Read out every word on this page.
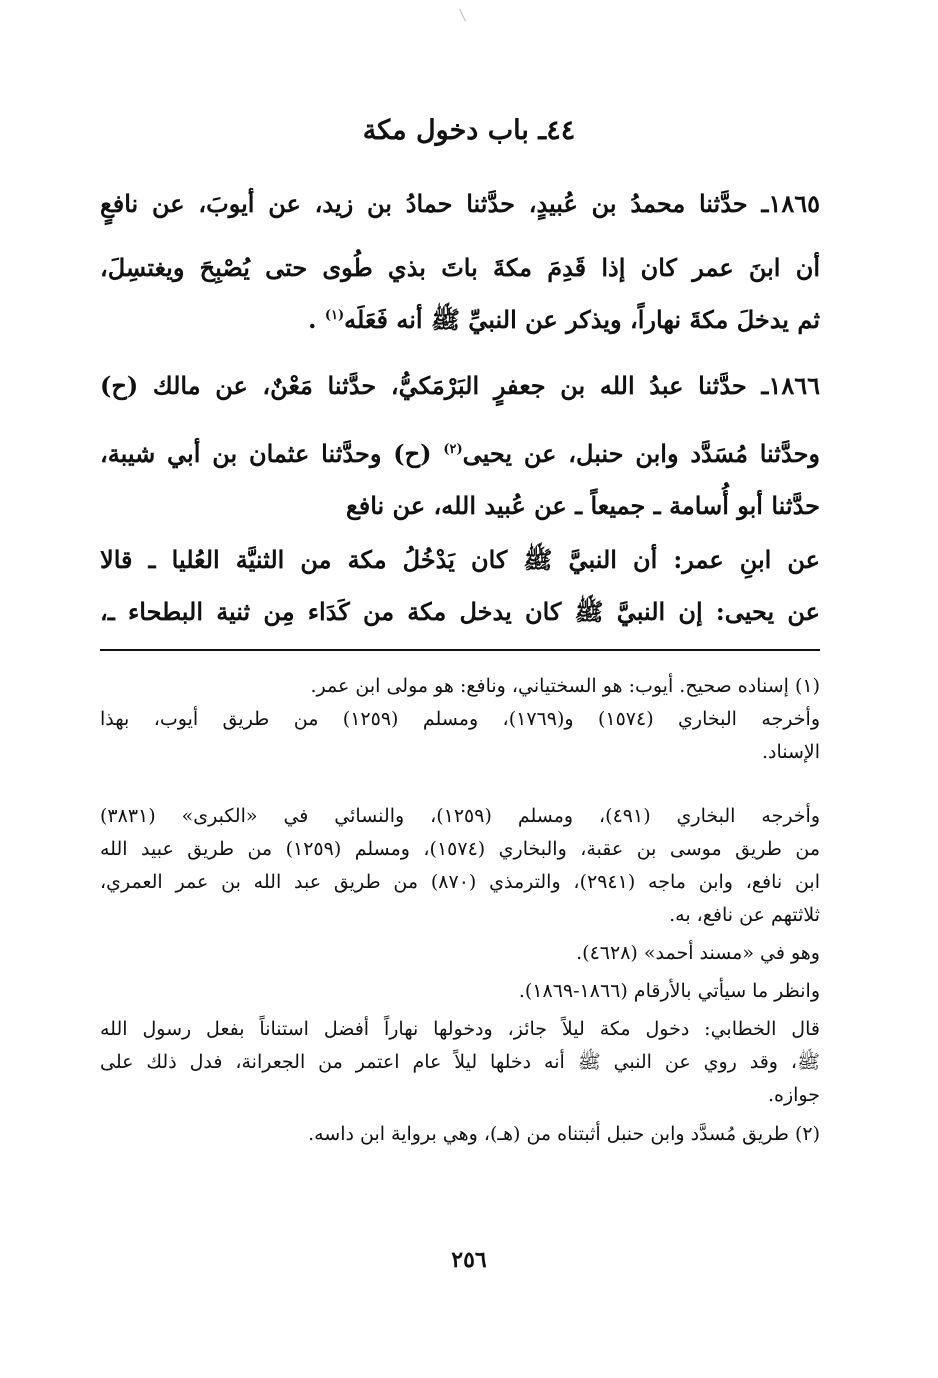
٤٤ـ باب دخول مكة
١٨٦٥ـ حدَّثنا محمدُ بن عُبيدٍ، حدَّثنا حمادُ بن زيد، عن أيوبَ، عن نافعٍ
أن ابنَ عمر كان إذا قَدِمَ مكةَ باتَ بذي طُوى حتى يُصْبِحَ ويغتسِلَ،
ثم يدخلَ مكةَ نهاراً، ويذكر عن النبيِّ ﷺ أنه فَعَلَه$^{(١)}$ .
١٨٦٦ـ حدَّثنا عبدُ الله بن جعفرٍ البَرْمَكيُّ، حدَّثنا مَعْنٌ، عن مالك (ح)
وحدَّثنا مُسَدَّد وابن حنبل، عن يحيى$^{(٢)}$ (ح) وحدَّثنا عثمان بن أبي شيبة،
حدَّثنا أبو أُسامة ـ جميعاً ـ عن عُبيد الله، عن نافع
عن ابنِ عمر: أن النبيَّ ﷺ كان يَدْخُلُ مكة من الثنيَّة العُليا ـ قالا
عن يحيى: إن النبيَّ ﷺ كان يدخل مكة من كَدَاء مِن ثنية البطحاء ـ،
(١) إسناده صحيح. أيوب: هو السختياني، ونافع: هو مولى ابن عمر.
وأخرجه البخاري (١٥٧٤) و(١٧٦٩)، ومسلم (١٢٥٩) من طريق أيوب، بهذا
الإسناد.
وأخرجه البخاري (٤٩١)، ومسلم (١٢٥٩)، والنسائي في «الكبرى» (٣٨٣١)
من طريق موسى بن عقبة، والبخاري (١٥٧٤)، ومسلم (١٢٥٩) من طريق عبيد الله
ابن نافع، وابن ماجه (٢٩٤١)، والترمذي (٨٧٠) من طريق عبد الله بن عمر العمري،
ثلاثتهم عن نافع، به.
وهو في «مسند أحمد» (٤٦٢٨).
وانظر ما سيأتي بالأرقام (١٨٦٦-١٨٦٩).
قال الخطابي: دخول مكة ليلاً جائز، ودخولها نهاراً أفضل استناناً بفعل رسول الله
ﷺ، وقد روي عن النبي ﷺ أنه دخلها ليلاً عام اعتمر من الجعرانة، فدل ذلك على
جوازه.
(٢) طريق مُسدَّد وابن حنبل أثبتناه من (هـ)، وهي برواية ابن داسه.
٢٥٦
